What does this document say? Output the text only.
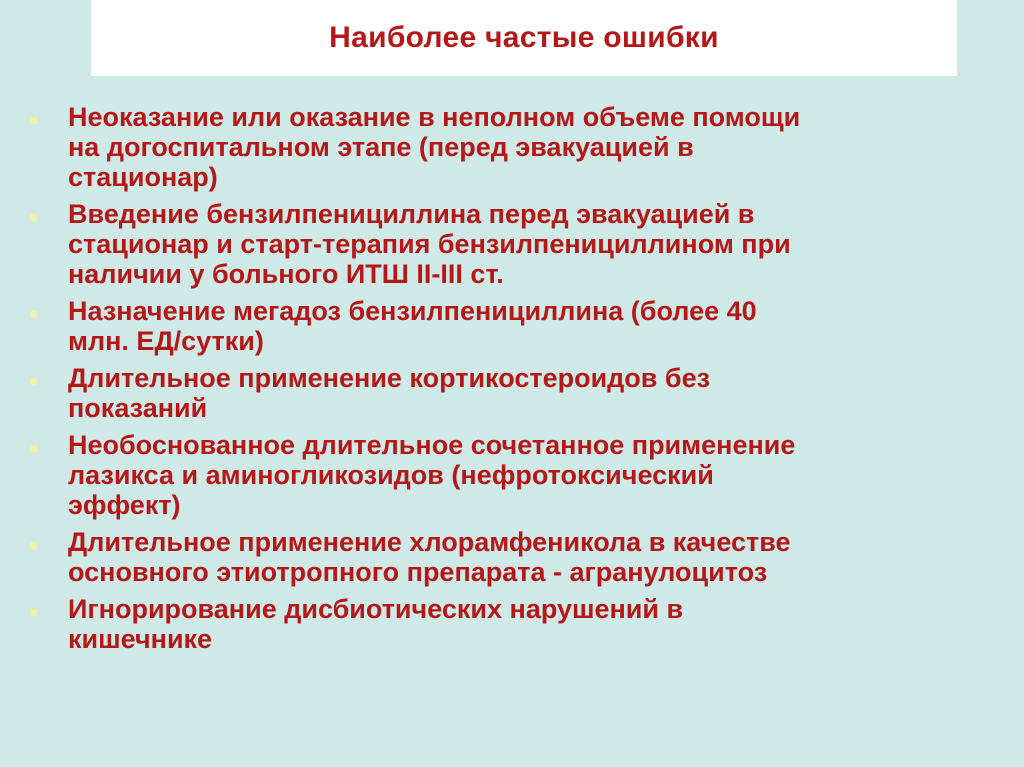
Наиболее частые ошибки
Неоказание или оказание в неполном объеме помощи
на догоспитальном этапе (перед эвакуацией в
стационар)
Введение бензилпенициллина перед эвакуацией в
стационар и старт-терапия бензилпенициллином при
наличии у больного ИТШ II-III ст.
Назначение мегадоз бензилпенициллина (более 40
млн. ЕД/сутки)
Длительное применение кортикостероидов без
показаний
Необоснованное длительное сочетанное применение
лазикса и аминогликозидов (нефротоксический
эффект)
Длительное применение хлорамфеникола в качестве
основного этиотропного препарата - агранулоцитоз
Игнорирование дисбиотических нарушений в
кишечнике
